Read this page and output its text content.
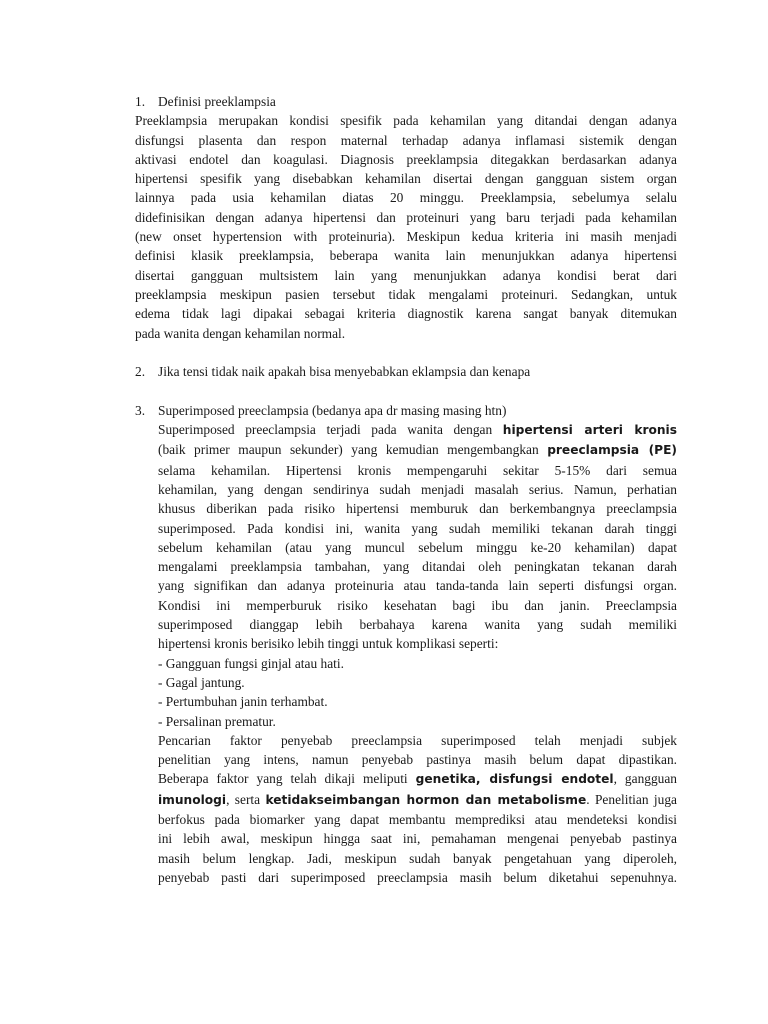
1. Definisi preeklampsia
Preeklampsia merupakan kondisi spesifik pada kehamilan yang ditandai dengan adanya
disfungsi plasenta dan respon maternal terhadap adanya inflamasi sistemik dengan
aktivasi endotel dan koagulasi. Diagnosis preeklampsia ditegakkan berdasarkan adanya
hipertensi spesifik yang disebabkan kehamilan disertai dengan gangguan sistem organ
lainnya pada usia kehamilan diatas 20 minggu. Preeklampsia, sebelumya selalu
didefinisikan dengan adanya hipertensi dan proteinuri yang baru terjadi pada kehamilan
(new onset hypertension with proteinuria). Meskipun kedua kriteria ini masih menjadi
definisi klasik preeklampsia, beberapa wanita lain menunjukkan adanya hipertensi
disertai gangguan multsistem lain yang menunjukkan adanya kondisi berat dari
preeklampsia meskipun pasien tersebut tidak mengalami proteinuri. Sedangkan, untuk
edema tidak lagi dipakai sebagai kriteria diagnostik karena sangat banyak ditemukan
pada wanita dengan kehamilan normal.
2. Jika tensi tidak naik apakah bisa menyebabkan eklampsia dan kenapa
3. Superimposed preeclampsia (bedanya apa dr masing masing htn)
Superimposed preeclampsia terjadi pada wanita dengan hipertensi arteri kronis
(baik primer maupun sekunder) yang kemudian mengembangkan preeclampsia (PE)
selama kehamilan. Hipertensi kronis mempengaruhi sekitar 5-15% dari semua
kehamilan, yang dengan sendirinya sudah menjadi masalah serius. Namun, perhatian
khusus diberikan pada risiko hipertensi memburuk dan berkembangnya preeclampsia
superimposed. Pada kondisi ini, wanita yang sudah memiliki tekanan darah tinggi
sebelum kehamilan (atau yang muncul sebelum minggu ke-20 kehamilan) dapat
mengalami preeklampsia tambahan, yang ditandai oleh peningkatan tekanan darah
yang signifikan dan adanya proteinuria atau tanda-tanda lain seperti disfungsi organ.
Kondisi ini memperburuk risiko kesehatan bagi ibu dan janin. Preeclampsia
superimposed dianggap lebih berbahaya karena wanita yang sudah memiliki
hipertensi kronis berisiko lebih tinggi untuk komplikasi seperti:
- Gangguan fungsi ginjal atau hati.
- Gagal jantung.
- Pertumbuhan janin terhambat.
- Persalinan prematur.
Pencarian faktor penyebab preeclampsia superimposed telah menjadi subjek
penelitian yang intens, namun penyebab pastinya masih belum dapat dipastikan.
Beberapa faktor yang telah dikaji meliputi genetika, disfungsi endotel, gangguan
imunologi, serta ketidakseimbangan hormon dan metabolisme. Penelitian juga
berfokus pada biomarker yang dapat membantu memprediksi atau mendeteksi kondisi
ini lebih awal, meskipun hingga saat ini, pemahaman mengenai penyebab pastinya
masih belum lengkap. Jadi, meskipun sudah banyak pengetahuan yang diperoleh,
penyebab pasti dari superimposed preeclampsia masih belum diketahui sepenuhnya.
